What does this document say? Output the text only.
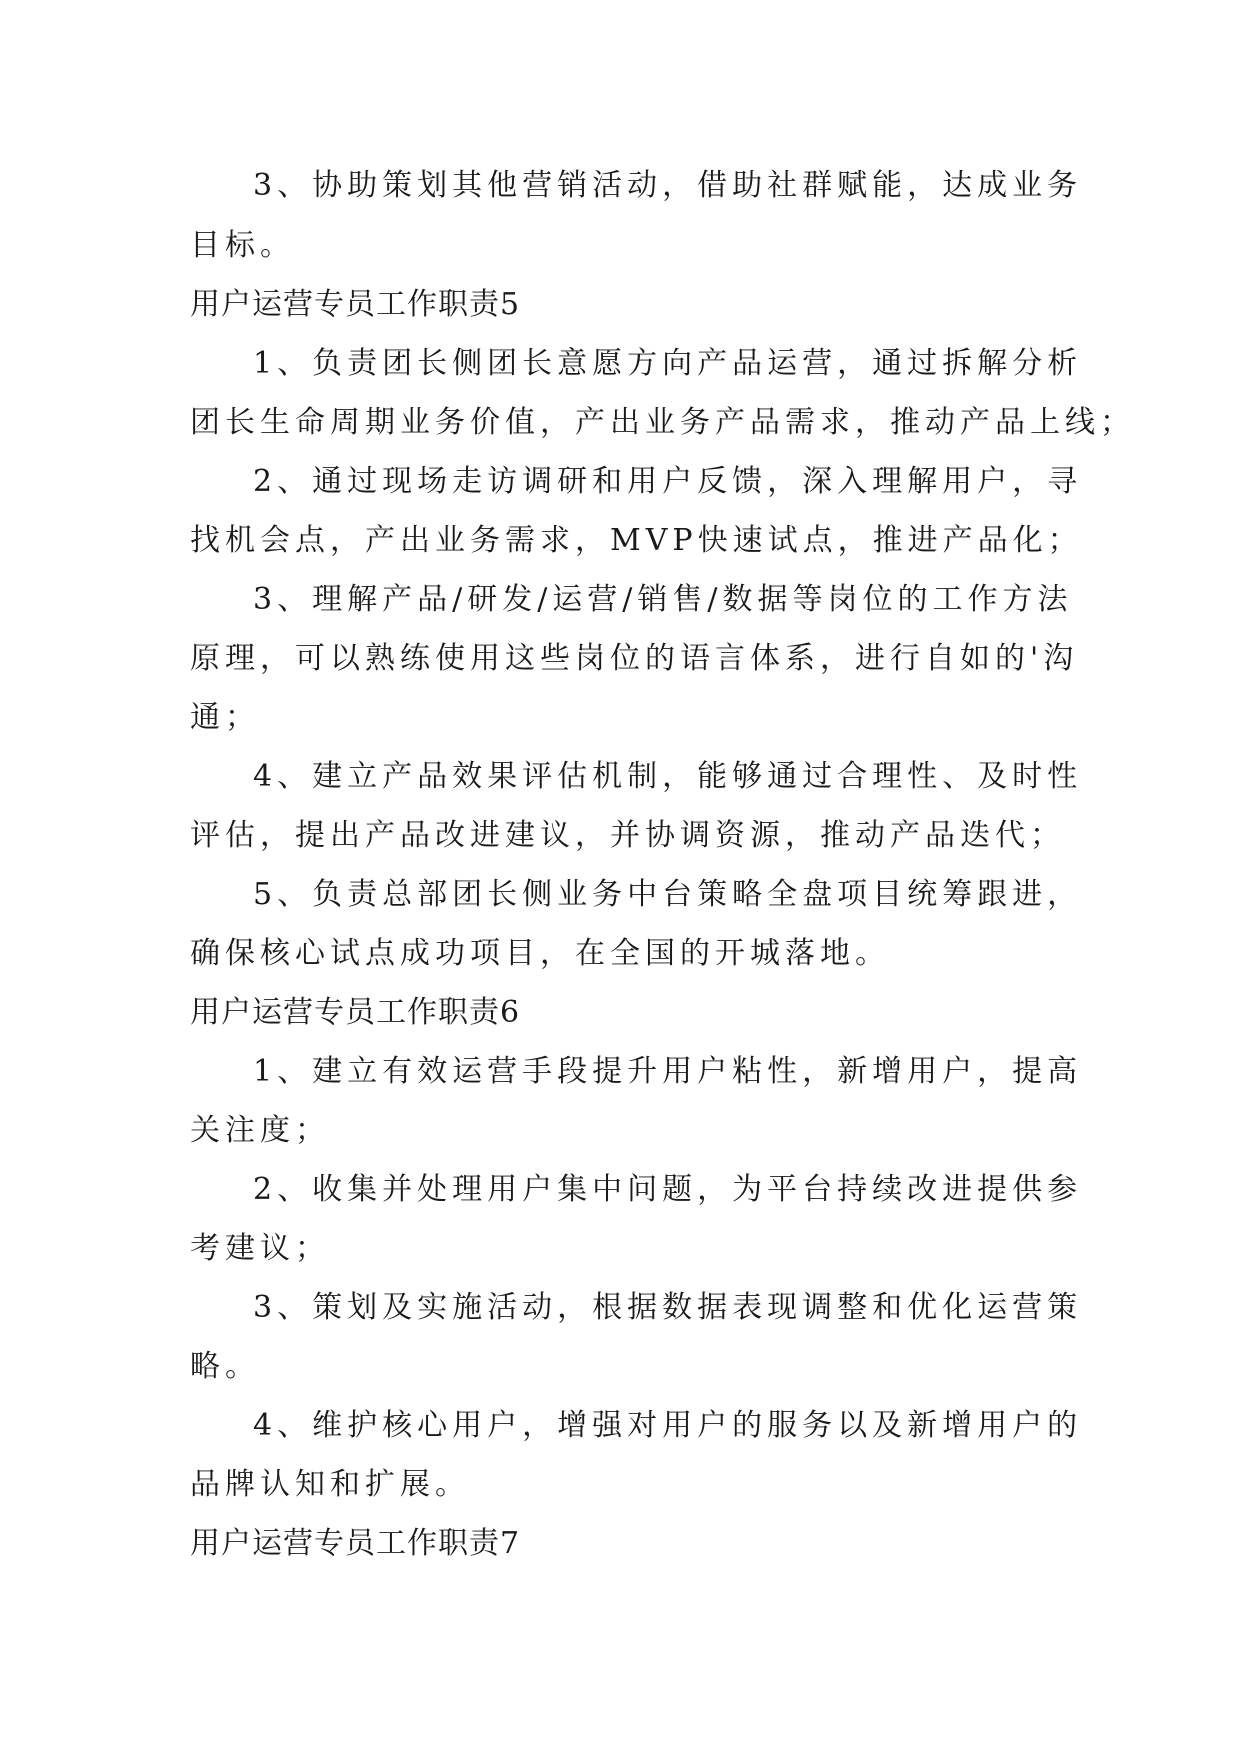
3、协助策划其他营销活动，借助社群赋能，达成业务
目标。
用户运营专员工作职责5
1、负责团长侧团长意愿方向产品运营，通过拆解分析
团长生命周期业务价值，产出业务产品需求，推动产品上线；
2、通过现场走访调研和用户反馈，深入理解用户，寻
找机会点，产出业务需求，MVP快速试点，推进产品化；
3、理解产品/研发/运营/销售/数据等岗位的工作方法
原理，可以熟练使用这些岗位的语言体系，进行自如的'沟
通；
4、建立产品效果评估机制，能够通过合理性、及时性
评估，提出产品改进建议，并协调资源，推动产品迭代；
5、负责总部团长侧业务中台策略全盘项目统筹跟进，
确保核心试点成功项目，在全国的开城落地。
用户运营专员工作职责6
1、建立有效运营手段提升用户粘性，新增用户，提高
关注度；
2、收集并处理用户集中问题，为平台持续改进提供参
考建议；
3、策划及实施活动，根据数据表现调整和优化运营策
略。
4、维护核心用户，增强对用户的服务以及新增用户的
品牌认知和扩展。
用户运营专员工作职责7
